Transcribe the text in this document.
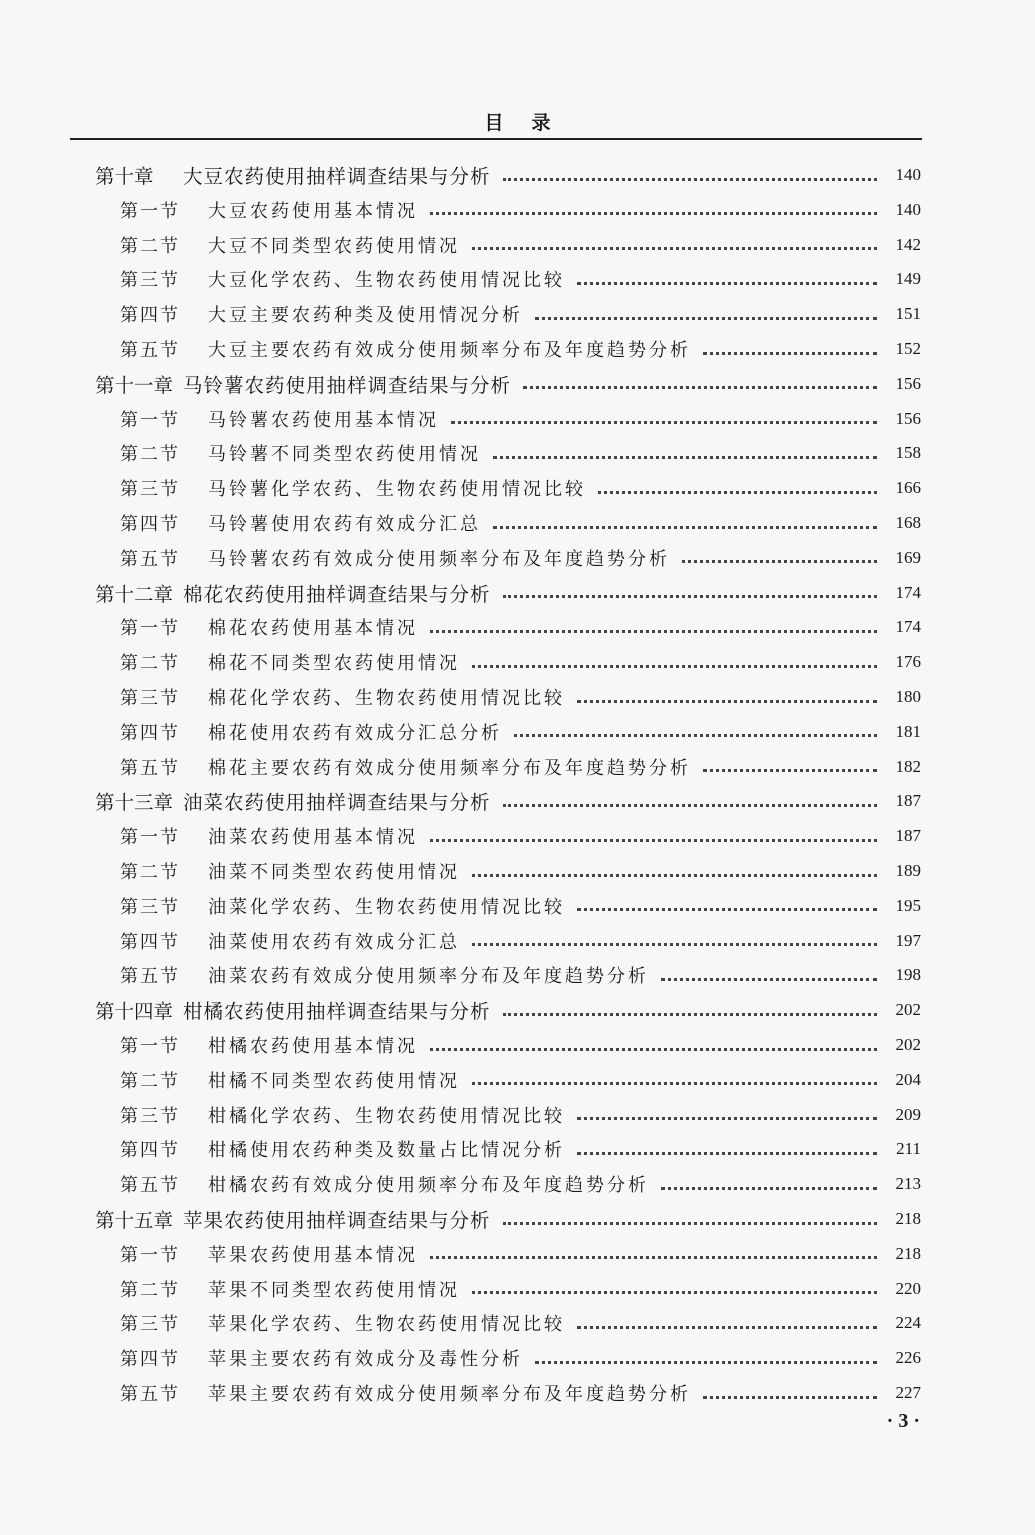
目录
第十章	大豆农药使用抽样调查结果与分析	140
第一节	大豆农药使用基本情况	140
第二节	大豆不同类型农药使用情况	142
第三节	大豆化学农药、生物农药使用情况比较	149
第四节	大豆主要农药种类及使用情况分析	151
第五节	大豆主要农药有效成分使用频率分布及年度趋势分析	152
第十一章 马铃薯农药使用抽样调查结果与分析	156
第一节	马铃薯农药使用基本情况	156
第二节	马铃薯不同类型农药使用情况	158
第三节	马铃薯化学农药、生物农药使用情况比较	166
第四节	马铃薯使用农药有效成分汇总	168
第五节	马铃薯农药有效成分使用频率分布及年度趋势分析	169
第十二章 棉花农药使用抽样调查结果与分析	174
第一节	棉花农药使用基本情况	174
第二节	棉花不同类型农药使用情况	176
第三节	棉花化学农药、生物农药使用情况比较	180
第四节	棉花使用农药有效成分汇总分析	181
第五节	棉花主要农药有效成分使用频率分布及年度趋势分析	182
第十三章 油菜农药使用抽样调查结果与分析	187
第一节	油菜农药使用基本情况	187
第二节	油菜不同类型农药使用情况	189
第三节	油菜化学农药、生物农药使用情况比较	195
第四节	油菜使用农药有效成分汇总	197
第五节	油菜农药有效成分使用频率分布及年度趋势分析	198
第十四章 柑橘农药使用抽样调查结果与分析	202
第一节	柑橘农药使用基本情况	202
第二节	柑橘不同类型农药使用情况	204
第三节	柑橘化学农药、生物农药使用情况比较	209
第四节	柑橘使用农药种类及数量占比情况分析	211
第五节	柑橘农药有效成分使用频率分布及年度趋势分析	213
第十五章 苹果农药使用抽样调查结果与分析	218
第一节	苹果农药使用基本情况	218
第二节	苹果不同类型农药使用情况	220
第三节	苹果化学农药、生物农药使用情况比较	224
第四节	苹果主要农药有效成分及毒性分析	226
第五节	苹果主要农药有效成分使用频率分布及年度趋势分析	227
· 3 ·
